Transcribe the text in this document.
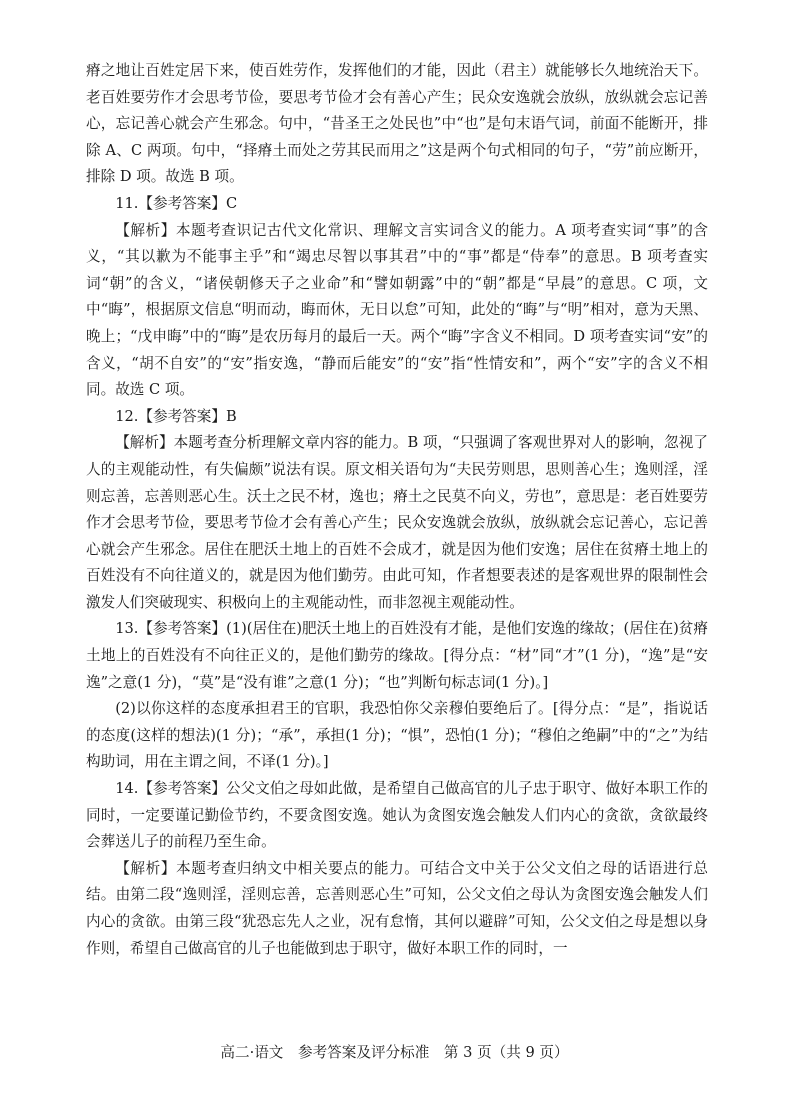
瘠之地让百姓定居下来，使百姓劳作，发挥他们的才能，因此（君主）就能够长久地统治天下。老百姓要劳作才会思考节俭，要思考节俭才会有善心产生；民众安逸就会放纵，放纵就会忘记善心，忘记善心就会产生邪念。句中，“昔圣王之处民也”中“也”是句末语气词，前面不能断开，排除 A、C 两项。句中，“择瘠土而处之劳其民而用之”这是两个句式相同的句子，“劳”前应断开，排除 D 项。故选 B 项。

11.【参考答案】C

【解析】本题考查识记古代文化常识、理解文言实词含义的能力。A 项考查实词“事”的含义，“其以歉为不能事主乎”和“竭忠尽智以事其君”中的“事”都是“侍奉”的意思。B 项考查实词“朝”的含义，“诸侯朝修天子之业命”和“譬如朝露”中的“朝”都是“早晨”的意思。C 项，文中“晦”，根据原文信息“明而动，晦而休，无日以怠”可知，此处的“晦”与“明”相对，意为天黑、晚上；“戊申晦”中的“晦”是农历每月的最后一天。两个“晦”字含义不相同。D 项考查实词“安”的含义，“胡不自安”的“安”指安逸，“静而后能安”的“安”指“性情安和”，两个“安”字的含义不相同。故选 C 项。

12.【参考答案】B

【解析】本题考查分析理解文章内容的能力。B 项，“只强调了客观世界对人的影响，忽视了人的主观能动性，有失偏颇”说法有误。原文相关语句为“夫民劳则思，思则善心生；逸则淫，淫则忘善，忘善则恶心生。沃土之民不材，逸也；瘠土之民莫不向义，劳也”，意思是：老百姓要劳作才会思考节俭，要思考节俭才会有善心产生；民众安逸就会放纵，放纵就会忘记善心，忘记善心就会产生邪念。居住在肥沃土地上的百姓不会成才，就是因为他们安逸；居住在贫瘠土地上的百姓没有不向往道义的，就是因为他们勤劳。由此可知，作者想要表述的是客观世界的限制性会激发人们突破现实、积极向上的主观能动性，而非忽视主观能动性。

13.【参考答案】(1)(居住在)肥沃土地上的百姓没有才能，是他们安逸的缘故；(居住在)贫瘠土地上的百姓没有不向往正义的，是他们勤劳的缘故。[得分点：“材”同“才”(1 分)，“逸”是“安逸”之意(1 分)，“莫”是“没有谁”之意(1 分)；“也”判断句标志词(1 分)。]

(2)以你这样的态度承担君王的官职，我恐怕你父亲穆伯要绝后了。[得分点：“是”，指说话的态度(这样的想法)(1 分)；“承”，承担(1 分)；“惧”，恐怕(1 分)；“穆伯之绝嗣”中的“之”为结构助词，用在主谓之间，不译(1 分)。]

14.【参考答案】公父文伯之母如此做，是希望自己做高官的儿子忠于职守、做好本职工作的同时，一定要谨记勤俭节约，不要贪图安逸。她认为贪图安逸会触发人们内心的贪欲，贪欲最终会葬送儿子的前程乃至生命。

【解析】本题考查归纳文中相关要点的能力。可结合文中关于公父文伯之母的话语进行总结。由第二段“逸则淫，淫则忘善，忘善则恶心生”可知，公父文伯之母认为贪图安逸会触发人们内心的贪欲。由第三段“犹恐忘先人之业，况有怠惰，其何以避辟”可知，公父文伯之母是想以身作则，希望自己做高官的儿子也能做到忠于职守，做好本职工作的同时，一

高二·语文　参考答案及评分标准　第 3 页（共 9 页）
